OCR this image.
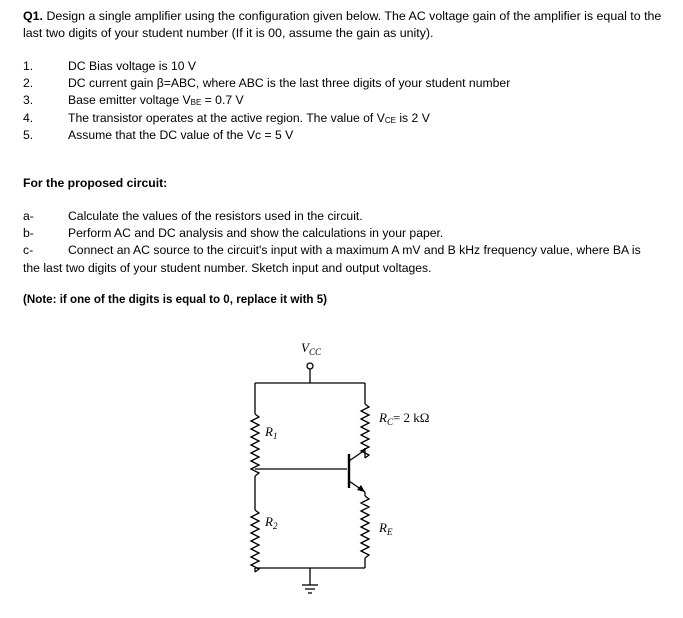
Q1. Design a single amplifier using the configuration given below. The AC voltage gain of the amplifier is equal to the last two digits of your student number (If it is 00, assume the gain as unity).
1.	DC Bias voltage is 10 V
2.	DC current gain β=ABC, where ABC is the last three digits of your student number
3.	Base emitter voltage VBE = 0.7 V
4.	The transistor operates at the active region. The value of VCE is 2 V
5.	Assume that the DC value of the Vc = 5 V
For the proposed circuit:
a-	Calculate the values of the resistors used in the circuit.
b-	Perform AC and DC analysis and show the calculations in your paper.
c-	Connect an AC source to the circuit's input with a maximum A mV and B kHz frequency value, where BA is
the last two digits of your student number. Sketch input and output voltages.
(Note: if one of the digits is equal to 0, replace it with 5)
$V_{CC}$
$R_1$
$R_2$
$R_C= 2$ kΩ
$R_E$
